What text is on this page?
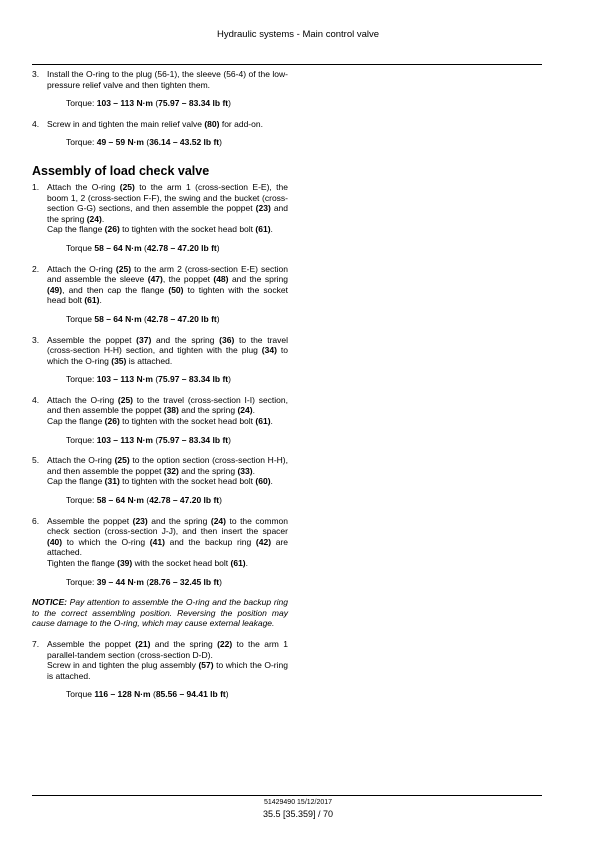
Hydraulic systems - Main control valve
3. Install the O-ring to the plug (56-1), the sleeve (56-4) of the low-pressure relief valve and then tighten them.
Torque: 103 – 113 N·m (75.97 – 83.34 lb ft)
4. Screw in and tighten the main relief valve (80) for add-on.
Torque: 49 – 59 N·m (36.14 – 43.52 lb ft)
Assembly of load check valve
1. Attach the O-ring (25) to the arm 1 (cross-section E-E), the boom 1, 2 (cross-section F-F), the swing and the bucket (cross-section G-G) sections, and then assemble the poppet (23) and the spring (24).
Cap the flange (26) to tighten with the socket head bolt (61).
Torque 58 – 64 N·m (42.78 – 47.20 lb ft)
2. Attach the O-ring (25) to the arm 2 (cross-section E-E) section and assemble the sleeve (47), the poppet (48) and the spring (49), and then cap the flange (50) to tighten with the socket head bolt (61).
Torque 58 – 64 N·m (42.78 – 47.20 lb ft)
3. Assemble the poppet (37) and the spring (36) to the travel (cross-section H-H) section, and tighten with the plug (34) to which the O-ring (35) is attached.
Torque: 103 – 113 N·m (75.97 – 83.34 lb ft)
4. Attach the O-ring (25) to the travel (cross-section I-I) section, and then assemble the poppet (38) and the spring (24).
Cap the flange (26) to tighten with the socket head bolt (61).
Torque: 103 – 113 N·m (75.97 – 83.34 lb ft)
5. Attach the O-ring (25) to the option section (cross-section H-H), and then assemble the poppet (32) and the spring (33).
Cap the flange (31) to tighten with the socket head bolt (60).
Torque: 58 – 64 N·m (42.78 – 47.20 lb ft)
6. Assemble the poppet (23) and the spring (24) to the common check section (cross-section J-J), and then insert the spacer (40) to which the O-ring (41) and the backup ring (42) are attached.
Tighten the flange (39) with the socket head bolt (61).
Torque: 39 – 44 N·m (28.76 – 32.45 lb ft)
NOTICE: Pay attention to assemble the O-ring and the backup ring to the correct assembling position. Reversing the position may cause damage to the O-ring, which may cause external leakage.
7. Assemble the poppet (21) and the spring (22) to the arm 1 parallel-tandem section (cross-section D-D).
Screw in and tighten the plug assembly (57) to which the O-ring is attached.
Torque 116 – 128 N·m (85.56 – 94.41 lb ft)
51429490 15/12/2017
35.5 [35.359] / 70
